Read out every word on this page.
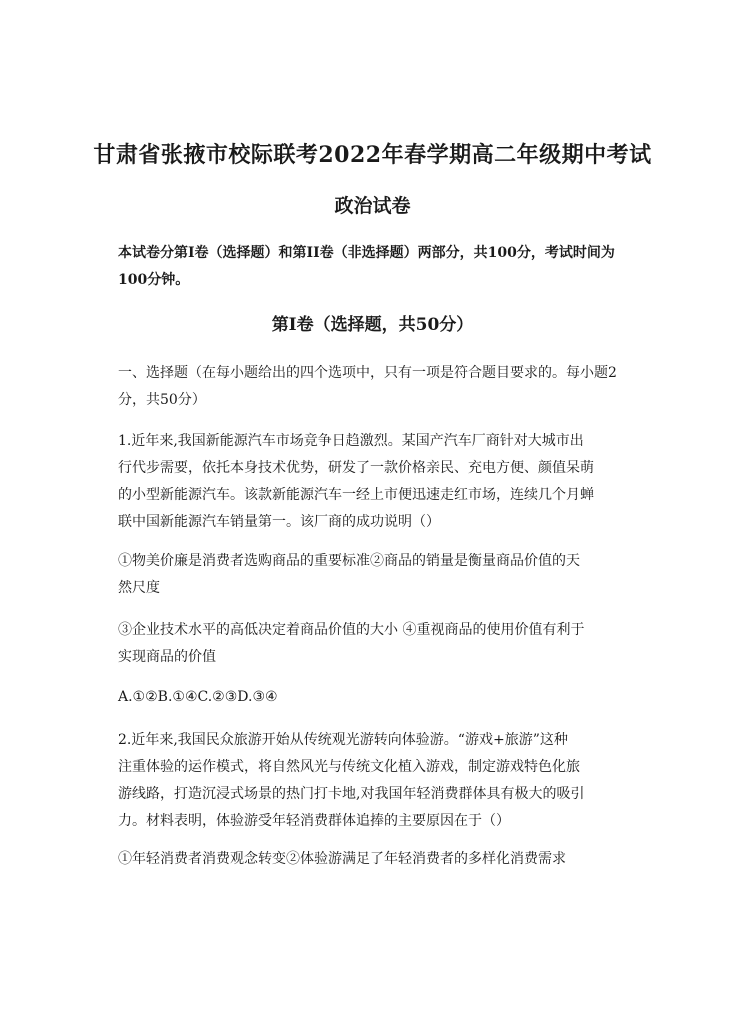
甘肃省张掖市校际联考2022年春学期高二年级期中考试
政治试卷
本试卷分第I卷（选择题）和第II卷（非选择题）两部分，共100分，考试时间为
100分钟。
第Ⅰ卷（选择题，共50分）
一、选择题（在每小题给出的四个选项中，只有一项是符合题目要求的。每小题2
分，共50分）
1.近年来,我国新能源汽车市场竞争日趋激烈。某国产汽车厂商针对大城市出
行代步需要，依托本身技术优势，研发了一款价格亲民、充电方便、颜值呆萌
的小型新能源汽车。该款新能源汽车一经上市便迅速走红市场，连续几个月蝉
联中国新能源汽车销量第一。该厂商的成功说明（）
①物美价廉是消费者选购商品的重要标准②商品的销量是衡量商品价值的天
然尺度
③企业技术水平的高低决定着商品价值的大小 ④重视商品的使用价值有利于
实现商品的价值
A.①②B.①④C.②③D.③④
2.近年来,我国民众旅游开始从传统观光游转向体验游。“游戏+旅游”这种
注重体验的运作模式，将自然风光与传统文化植入游戏，制定游戏特色化旅
游线路，打造沉浸式场景的热门打卡地,对我国年轻消费群体具有极大的吸引
力。材料表明，体验游受年轻消费群体追捧的主要原因在于（）
①年轻消费者消费观念转变②体验游满足了年轻消费者的多样化消费需求
